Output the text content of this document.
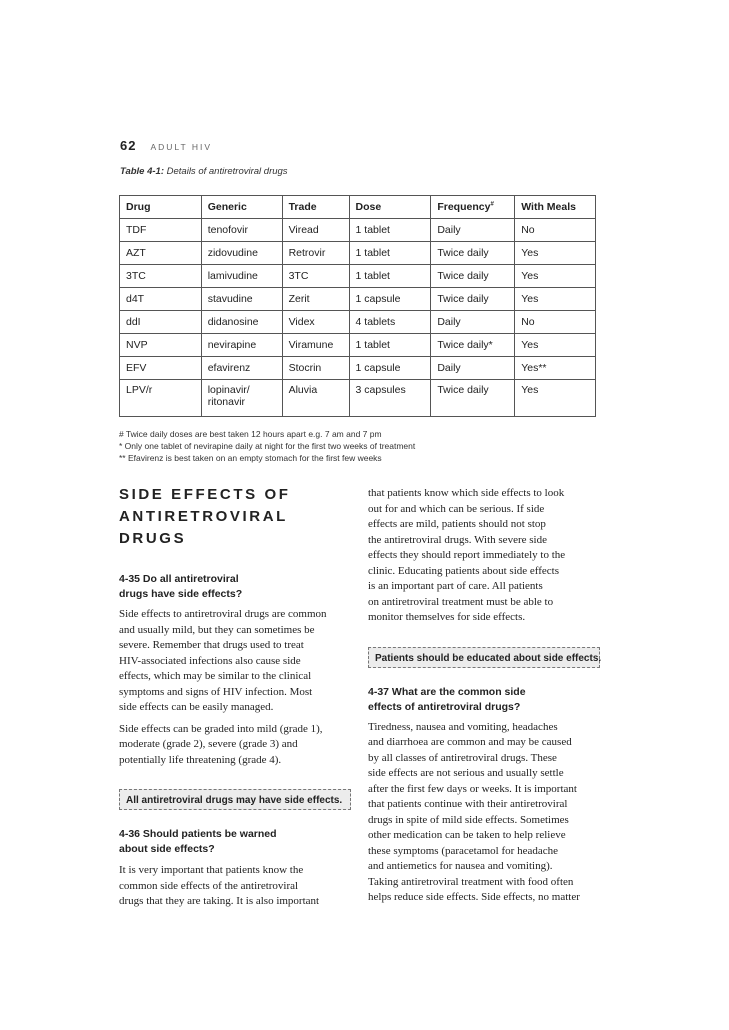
62 ADULT HIV
Table 4-1: Details of antiretroviral drugs
Drug	Generic	Trade	Dose	Frequency#	With Meals
TDF	tenofovir	Viread	1 tablet	Daily	No
AZT	zidovudine	Retrovir	1 tablet	Twice daily	Yes
3TC	lamivudine	3TC	1 tablet	Twice daily	Yes
d4T	stavudine	Zerit	1 capsule	Twice daily	Yes
ddI	didanosine	Videx	4 tablets	Daily	No
NVP	nevirapine	Viramune	1 tablet	Twice daily*	Yes
EFV	efavirenz	Stocrin	1 capsule	Daily	Yes**
LPV/r	lopinavir/ ritonavir	Aluvia	3 capsules	Twice daily	Yes
# Twice daily doses are best taken 12 hours apart e.g. 7 am and 7 pm
* Only one tablet of nevirapine daily at night for the first two weeks of treatment
** Efavirenz is best taken on an empty stomach for the first few weeks
SIDE EFFECTS OF
ANTIRETROVIRAL DRUGS
4-35 Do all antiretroviral
drugs have side effects?

Side effects to antiretroviral drugs are common
and usually mild, but they can sometimes be
severe. Remember that drugs used to treat
HIV-associated infections also cause side
effects, which may be similar to the clinical
symptoms and signs of HIV infection. Most
side effects can be easily managed.

Side effects can be graded into mild (grade 1),
moderate (grade 2), severe (grade 3) and
potentially life threatening (grade 4).

All antiretroviral drugs may have side effects.
4-36 Should patients be warned
about side effects?

It is very important that patients know the
common side effects of the antiretroviral
drugs that they are taking. It is also important

that patients know which side effects to look
out for and which can be serious. If side
effects are mild, patients should not stop
the antiretroviral drugs. With severe side
effects they should report immediately to the
clinic. Educating patients about side effects
is an important part of care. All patients
on antiretroviral treatment must be able to
monitor themselves for side effects.

Patients should be educated about side effects.
4-37 What are the common side
effects of antiretroviral drugs?

Tiredness, nausea and vomiting, headaches
and diarrhoea are common and may be caused
by all classes of antiretroviral drugs. These
side effects are not serious and usually settle
after the first few days or weeks. It is important
that patients continue with their antiretroviral
drugs in spite of mild side effects. Sometimes
other medication can be taken to help relieve
these symptoms (paracetamol for headache
and antiemetics for nausea and vomiting).
Taking antiretroviral treatment with food often
helps reduce side effects. Side effects, no matter
